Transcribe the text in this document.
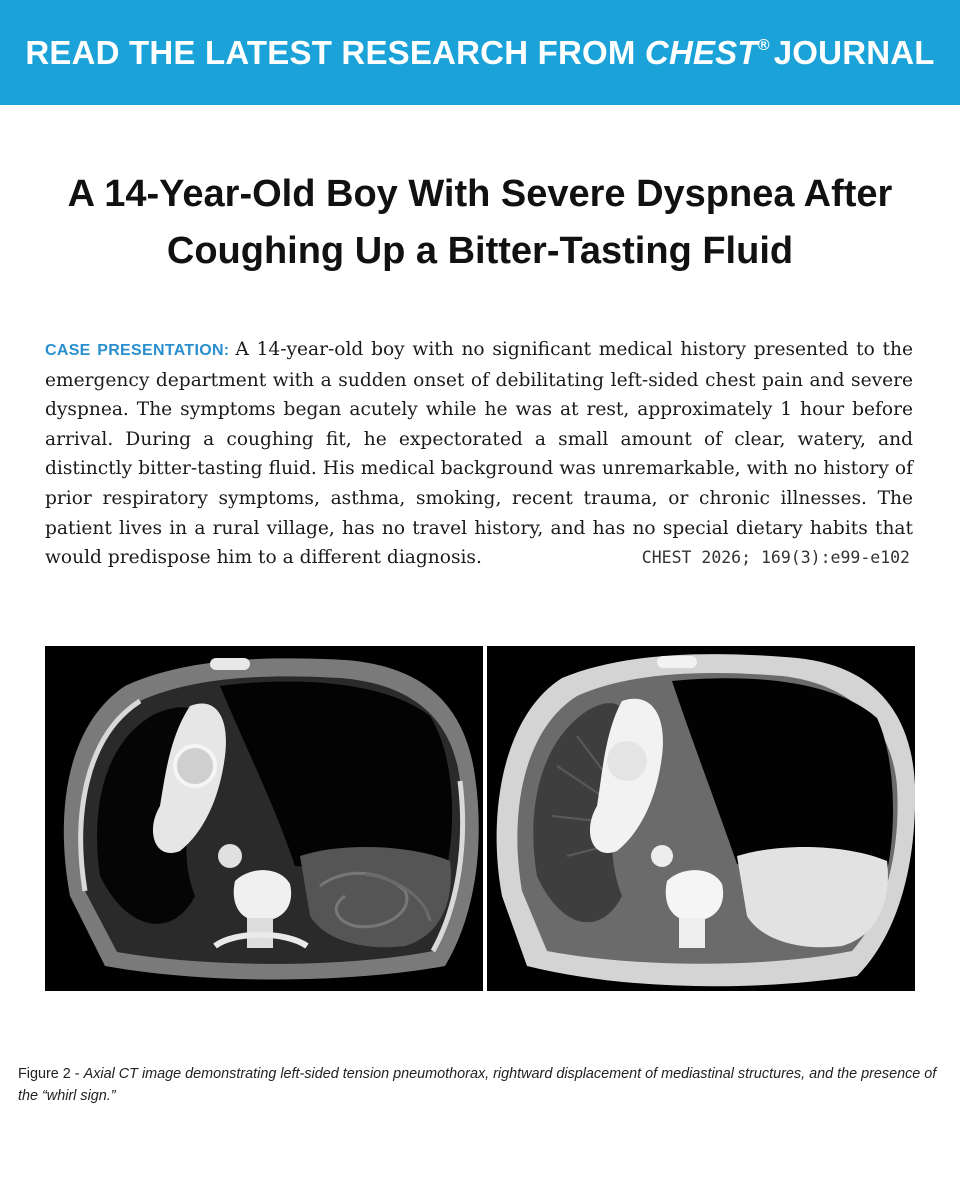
READ THE LATEST RESEARCH FROM CHEST® JOURNAL
A 14-Year-Old Boy With Severe Dyspnea After Coughing Up a Bitter-Tasting Fluid
CASE PRESENTATION: A 14-year-old boy with no significant medical history presented to the emergency department with a sudden onset of debilitating left-sided chest pain and severe dyspnea. The symptoms began acutely while he was at rest, approximately 1 hour before arrival. During a coughing fit, he expectorated a small amount of clear, watery, and distinctly bitter-tasting fluid. His medical background was unremarkable, with no history of prior respiratory symptoms, asthma, smoking, recent trauma, or chronic illnesses. The patient lives in a rural village, has no travel history, and has no special dietary habits that would predispose him to a different diagnosis.	CHEST 2026; 169(3):e99-e102
Figure 2 - Axial CT image demonstrating left-sided tension pneumothorax, rightward displacement of mediastinal structures, and the presence of the “whirl sign.”
